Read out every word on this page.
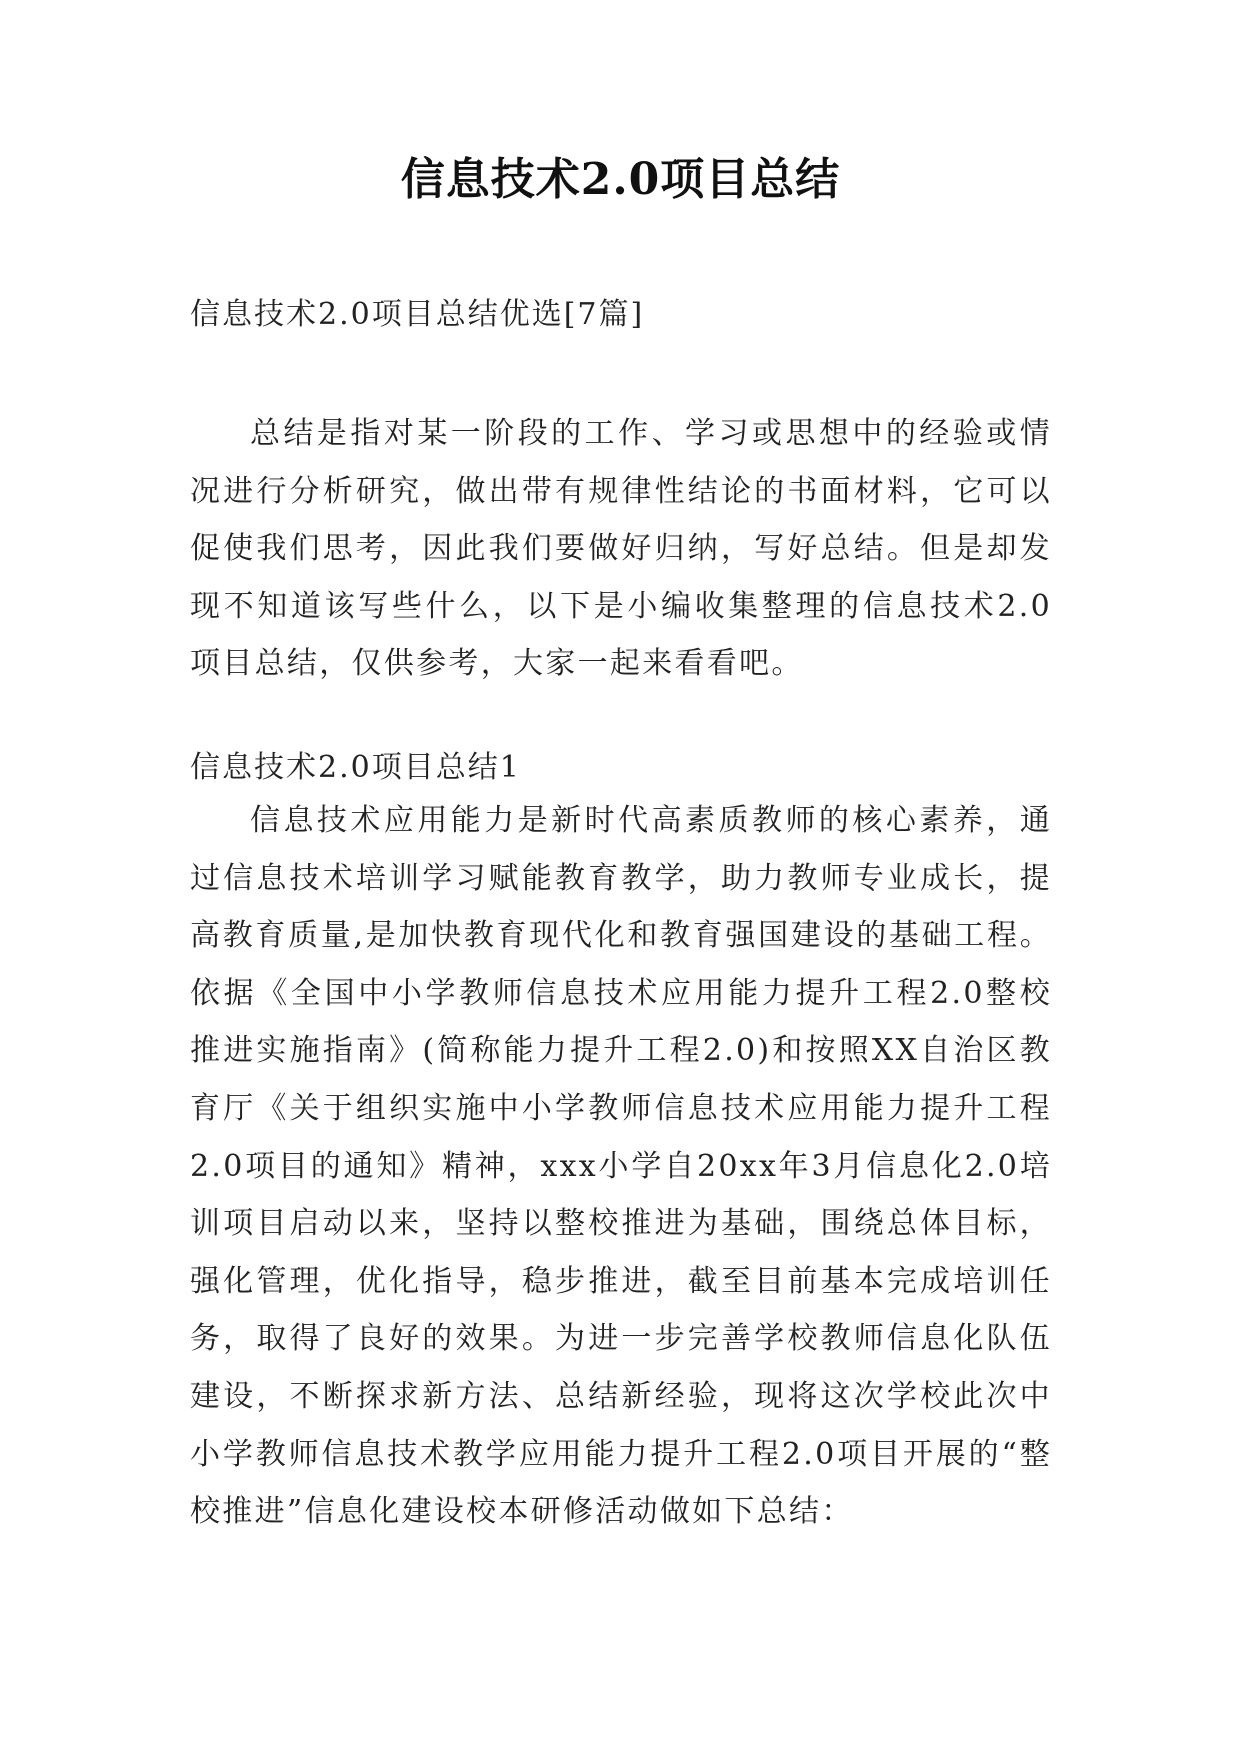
信息技术2.0项目总结
信息技术2.0项目总结优选[7篇]

总结是指对某一阶段的工作、学习或思想中的经验或情况进行分析研究，做出带有规律性结论的书面材料，它可以促使我们思考，因此我们要做好归纳，写好总结。但是却发现不知道该写些什么，以下是小编收集整理的信息技术2.0项目总结，仅供参考，大家一起来看看吧。

信息技术2.0项目总结1

信息技术应用能力是新时代高素质教师的核心素养，通过信息技术培训学习赋能教育教学，助力教师专业成长，提高教育质量,是加快教育现代化和教育强国建设的基础工程。依据《全国中小学教师信息技术应用能力提升工程2.0整校推进实施指南》(简称能力提升工程2.0)和按照XX自治区教育厅《关于组织实施中小学教师信息技术应用能力提升工程2.0项目的通知》精神，xxx小学自20xx年3月信息化2.0培训项目启动以来，坚持以整校推进为基础，围绕总体目标，强化管理，优化指导，稳步推进，截至目前基本完成培训任务，取得了良好的效果。为进一步完善学校教师信息化队伍建设，不断探求新方法、总结新经验，现将这次学校此次中小学教师信息技术教学应用能力提升工程2.0项目开展的“整校推进”信息化建设校本研修活动做如下总结：
